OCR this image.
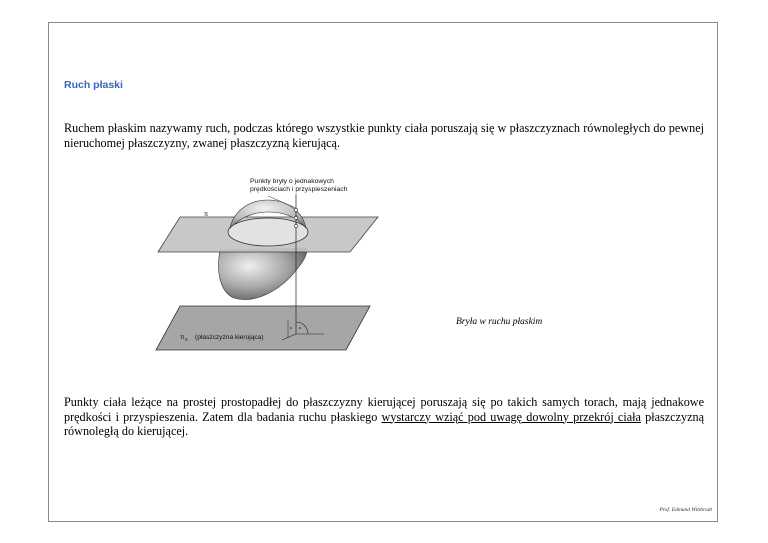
Ruch płaski

Ruchem płaskim nazywamy ruch, podczas którego wszystkie punkty ciała poruszają się w płaszczyznach równoległych do pewnej nieruchomej płaszczyzny, zwanej płaszczyzną kierującą.

Punkty bryły o jednakowych
prędkościach i przyspieszeniach
π
π 0 (płaszczyzna kierująca)
Bryła w ruchu płaskim

Punkty ciała leżące na prostej prostopadłej do płaszczyzny kierującej poruszają się po takich samych torach, mają jednakowe prędkości i przyspieszenia. Zatem dla badania ruchu płaskiego wystarczy wziąć pod uwagę dowolny przekrój ciała płaszczyzną równoległą do kierującej.

Prof. Edmund Wittbrodt
